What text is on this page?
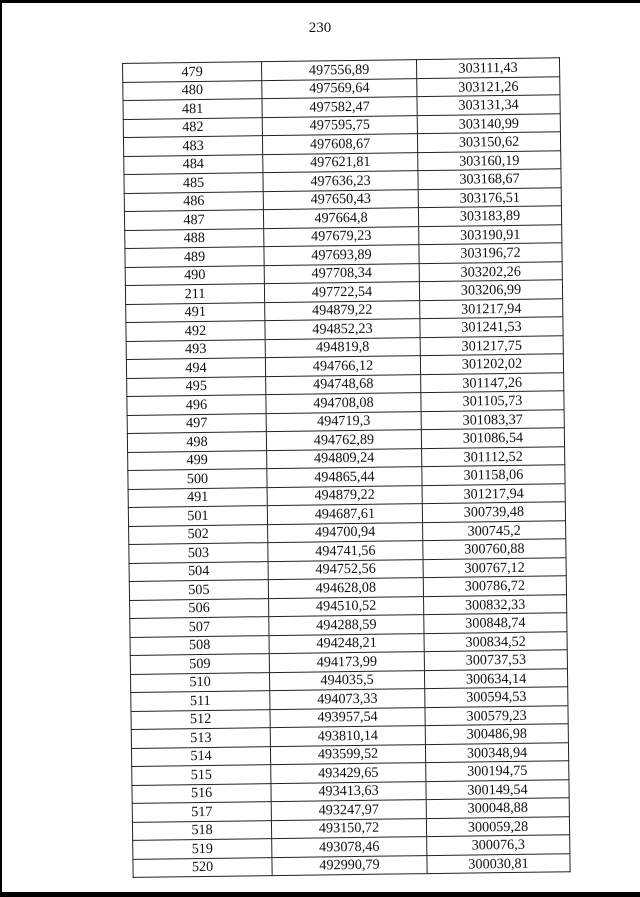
230
479	497556,89	303111,43
480	497569,64	303121,26
481	497582,47	303131,34
482	497595,75	303140,99
483	497608,67	303150,62
484	497621,81	303160,19
485	497636,23	303168,67
486	497650,43	303176,51
487	497664,8	303183,89
488	497679,23	303190,91
489	497693,89	303196,72
490	497708,34	303202,26
211	497722,54	303206,99
491	494879,22	301217,94
492	494852,23	301241,53
493	494819,8	301217,75
494	494766,12	301202,02
495	494748,68	301147,26
496	494708,08	301105,73
497	494719,3	301083,37
498	494762,89	301086,54
499	494809,24	301112,52
500	494865,44	301158,06
491	494879,22	301217,94
501	494687,61	300739,48
502	494700,94	300745,2
503	494741,56	300760,88
504	494752,56	300767,12
505	494628,08	300786,72
506	494510,52	300832,33
507	494288,59	300848,74
508	494248,21	300834,52
509	494173,99	300737,53
510	494035,5	300634,14
511	494073,33	300594,53
512	493957,54	300579,23
513	493810,14	300486,98
514	493599,52	300348,94
515	493429,65	300194,75
516	493413,63	300149,54
517	493247,97	300048,88
518	493150,72	300059,28
519	493078,46	300076,3
520	492990,79	300030,81
